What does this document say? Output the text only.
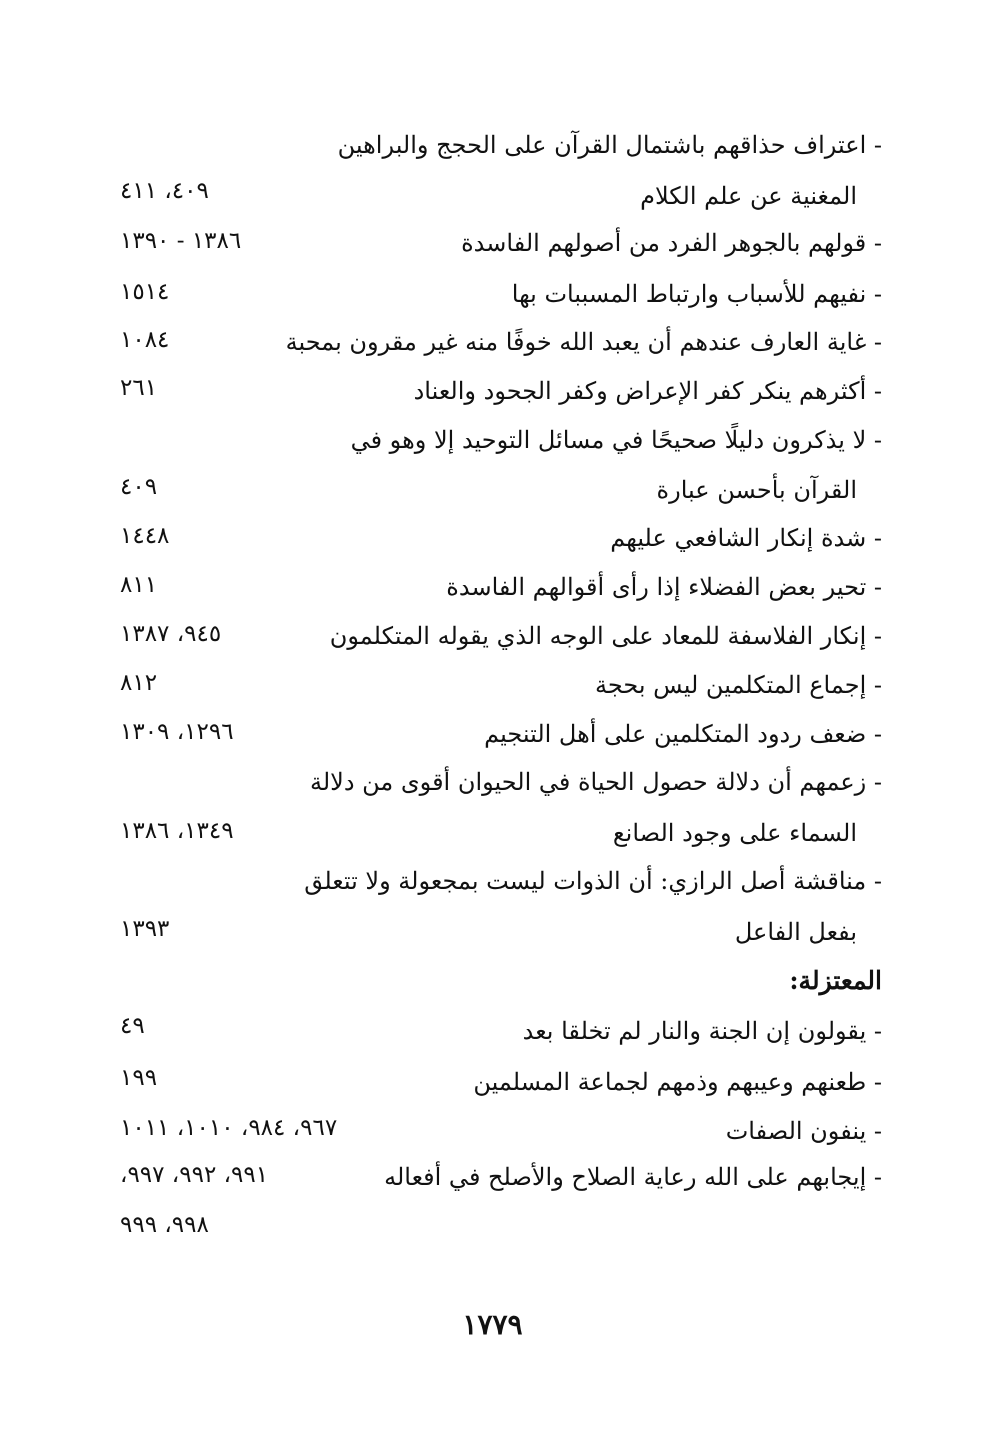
- اعتراف حذاقهم باشتمال القرآن على الحجج والبراهين
المغنية عن علم الكلام
٤٠٩، ٤١١
- قولهم بالجوهر الفرد من أصولهم الفاسدة
١٣٨٦ - ١٣٩٠
- نفيهم للأسباب وارتباط المسببات بها
١٥١٤
- غاية العارف عندهم أن يعبد الله خوفًا منه غير مقرون بمحبة
١٠٨٤
- أكثرهم ينكر كفر الإعراض وكفر الجحود والعناد
٢٦١
- لا يذكرون دليلًا صحيحًا في مسائل التوحيد إلا وهو في
القرآن بأحسن عبارة
٤٠٩
- شدة إنكار الشافعي عليهم
١٤٤٨
- تحير بعض الفضلاء إذا رأى أقوالهم الفاسدة
٨١١
- إنكار الفلاسفة للمعاد على الوجه الذي يقوله المتكلمون
٩٤٥، ١٣٨٧
- إجماع المتكلمين ليس بحجة
٨١٢
- ضعف ردود المتكلمين على أهل التنجيم
١٢٩٦، ١٣٠٩
- زعمهم أن دلالة حصول الحياة في الحيوان أقوى من دلالة
السماء على وجود الصانع
١٣٤٩، ١٣٨٦
- مناقشة أصل الرازي: أن الذوات ليست بمجعولة ولا تتعلق
بفعل الفاعل
١٣٩٣
المعتزلة:
- يقولون إن الجنة والنار لم تخلقا بعد
٤٩
- طعنهم وعيبهم وذمهم لجماعة المسلمين
١٩٩
- ينفون الصفات
٩٦٧، ٩٨٤، ١٠١٠، ١٠١١
- إيجابهم على الله رعاية الصلاح والأصلح في أفعاله
٩٩١، ٩٩٢، ٩٩٧،
٩٩٨، ٩٩٩
١٧٧٩
